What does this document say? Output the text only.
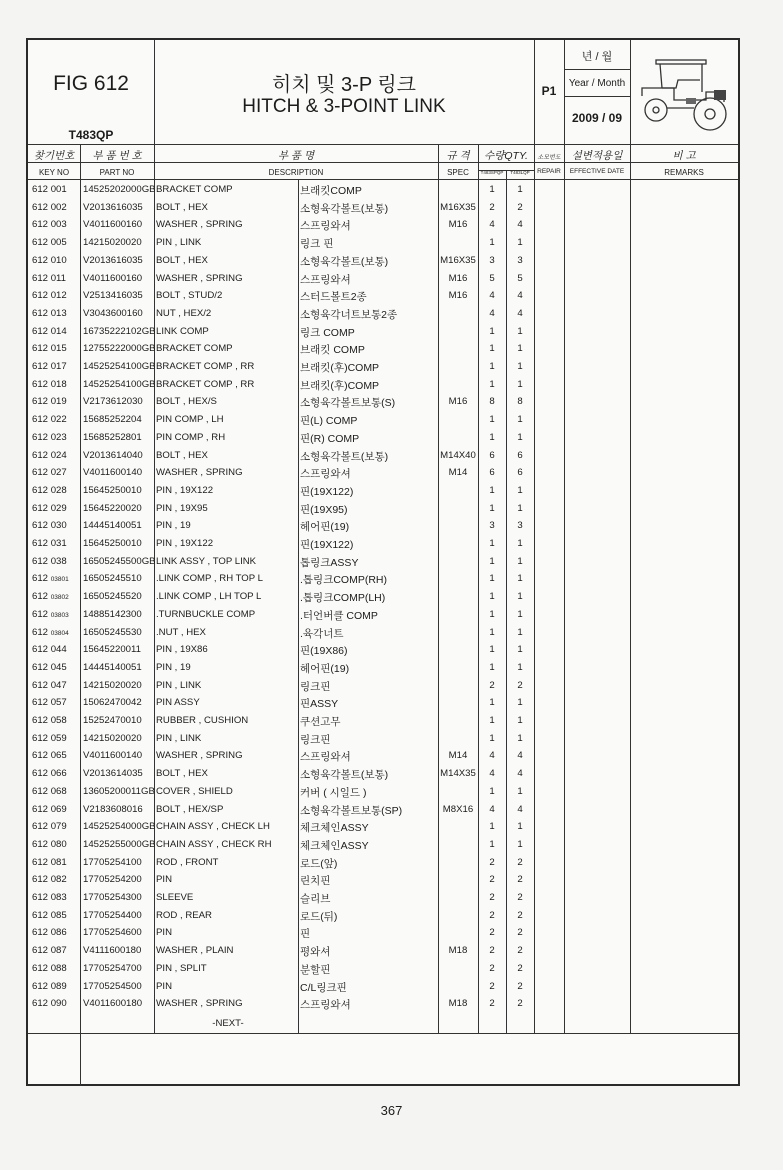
FIG 612
T483QP
히치 및 3-P 링크
HITCH & 3-POINT LINK
P1
년 / 월
Year / Month
2009 / 09
찾기번호
KEY NO
부 품 번 호
PART NO
부 품 명
DESCRIPTION
규 격
SPEC
수량QTY.
T483SPQP	T483LQP
소모번도
REPAIR
설변적용일
EFFECTIVE DATE
비 고
REMARKS
612 001 14525202000GB BRACKET COMP	브래킷COMP	1	1
612 002 V2013616035 BOLT , HEX	소형육각볼트(보통)	M16X35	2	2
612 003 V4011600160 WASHER , SPRING	스프링와셔	M16	4	4
612 005 14215020020 PIN , LINK	링크 핀	1	1
612 010 V2013616035 BOLT , HEX	소형육각볼트(보통)	M16X35	3	3
612 011 V4011600160 WASHER , SPRING	스프링와셔	M16	5	5
612 012 V2513416035 BOLT , STUD/2	스터드볼트2종	M16	4	4
612 013 V3043600160 NUT , HEX/2	소형육각너트보통2종	4	4
612 014 16735222102GB LINK COMP	링크 COMP	1	1
612 015 12755222000GB BRACKET COMP	브래킷 COMP	1	1
612 017 14525254100GB BRACKET COMP , RR	브래킷(후)COMP	1	1
612 018 14525254100GB BRACKET COMP , RR	브래킷(후)COMP	1	1
612 019 V2173612030 BOLT , HEX/S	소형육각볼트보통(S)	M16	8	8
612 022 15685252204 PIN COMP , LH	핀(L) COMP	1	1
612 023 15685252801 PIN COMP , RH	핀(R) COMP	1	1
612 024 V2013614040 BOLT , HEX	소형육각볼트(보통)	M14X40	6	6
612 027 V4011600140 WASHER , SPRING	스프링와셔	M14	6	6
612 028 15645250010 PIN , 19X122	핀(19X122)	1	1
612 029 15645220020 PIN , 19X95	핀(19X95)	1	1
612 030 14445140051 PIN , 19	헤어핀(19)	3	3
612 031 15645250010 PIN , 19X122	핀(19X122)	1	1
612 038 16505245500GB LINK ASSY , TOP LINK	톱링크ASSY	1	1
612 03801 16505245510 .LINK COMP , RH TOP L	.톱링크COMP(RH)	1	1
612 03802 16505245520 .LINK COMP , LH TOP L	.톱링크COMP(LH)	1	1
612 03803 14885142300 .TURNBUCKLE COMP	.터언버클 COMP	1	1
612 03804 16505245530 .NUT , HEX	.육각너트	1	1
612 044 15645220011 PIN , 19X86	핀(19X86)	1	1
612 045 14445140051 PIN , 19	헤어핀(19)	1	1
612 047 14215020020 PIN , LINK	링크핀	2	2
612 057 15062470042 PIN ASSY	핀ASSY	1	1
612 058 15252470010 RUBBER , CUSHION	쿠션고무	1	1
612 059 14215020020 PIN , LINK	링크핀	1	1
612 065 V4011600140 WASHER , SPRING	스프링와셔	M14	4	4
612 066 V2013614035 BOLT , HEX	소형육각볼트(보통)	M14X35	4	4
612 068 13605200011GB COVER , SHIELD	커버 ( 시일드 )	1	1
612 069 V2183608016 BOLT , HEX/SP	소형육각볼트보통(SP)	M8X16	4	4
612 079 14525254000GB CHAIN ASSY , CHECK LH	체크체인ASSY	1	1
612 080 14525255000GB CHAIN ASSY , CHECK RH	체크체인ASSY	1	1
612 081 17705254100 ROD , FRONT	로드(앞)	2	2
612 082 17705254200 PIN	린치핀	2	2
612 083 17705254300 SLEEVE	슬리브	2	2
612 085 17705254400 ROD , REAR	로드(뒤)	2	2
612 086 17705254600 PIN	핀	2	2
612 087 V4111600180 WASHER , PLAIN	평와셔	M18	2	2
612 088 17705254700 PIN , SPLIT	분할핀	2	2
612 089 17705254500 PIN	C/L링크핀	2	2
612 090 V4011600180 WASHER , SPRING	스프링와셔	M18	2	2
-NEXT-
367
